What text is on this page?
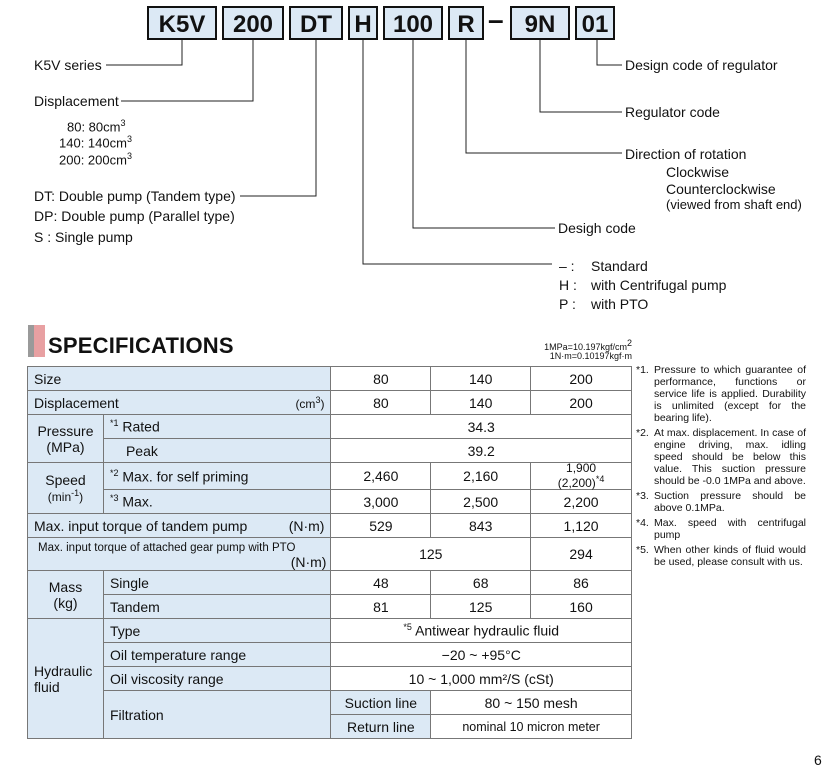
K5V	200	DT H 100	R – 9N	01
K5V series
Displacement
80: $80cm^3$
140: $140cm^3$
200: $200cm^3$
DT: Double pump (Tandem type)
DP: Double pump (Parallel type)
S : Single pump
Design code of regulator
Regulator code
Direction of rotation
Clockwise
Counterclockwise
(viewed from shaft end)
Desigh code
– : Standard
H : with Centrifugal pump
P : with PTO
SPECIFICATIONS	$1MPa=10.197kgf/cm^2$
1N·m=0.10197kgf·m
Size		80	140	200
Displacement $(cm^3)$		80	140	200
Pressure
(MPa)	$^{*1}$ Rated	34.3		
	Peak	39.2		
Speed
$(\min^{-1})$	$^{*2}$ Max. for self priming	2,460	2,160	1,900
$(2,200)^{*4}$
	$^{*3}$ Max.	3,000	2,500	2,200
Max. input torque of tandem pump (N·m)		529	843	1,120
Max. input torque of attached gear pump with PTO
(N·m)		125		294
Mass
(kg)	Single	48	68	86
	Tandem	81	125	160
Hydraulic
fluid	Type	$^{*5}$ Antiwear hydraulic fluid		
	Oil temperature range	−20 ~ +95°C		
	Oil viscosity range	10 ~ 1,000 mm²/S (cSt)		
	Filtration	Suction line	80 ~ 150 mesh	
		Return line	nominal 10 micron meter	
*1. Pressure to which guarantee of performance, functions or service life is applied. Durability is unlimited (except for the bearing life).
*2. At max. displacement. In case of engine driving, max. idling speed should be below this value. This suction pressure should be -0.0 1MPa and above.
*3. Suction pressure should be above 0.1MPa.
*4. Max. speed with centrifugal pump
*5. When other kinds of fluid would be used, please consult with us.
6
